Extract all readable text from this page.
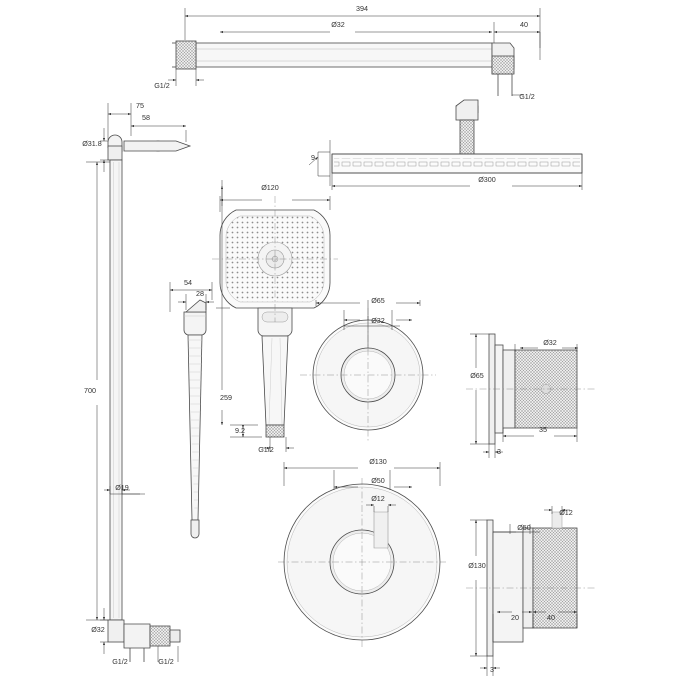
394
Ø32	40
G1/2
G1/2
9
Ø300
Ø120
75
58
Ø31.8
700
Ø19
Ø32
G1/2	G1/2
54
28
259
9.2
G1/2
Ø65
Ø32
Ø32
Ø65
35
3
Ø130
Ø50
Ø12
Ø12
Ø50
Ø130
20	40
3
